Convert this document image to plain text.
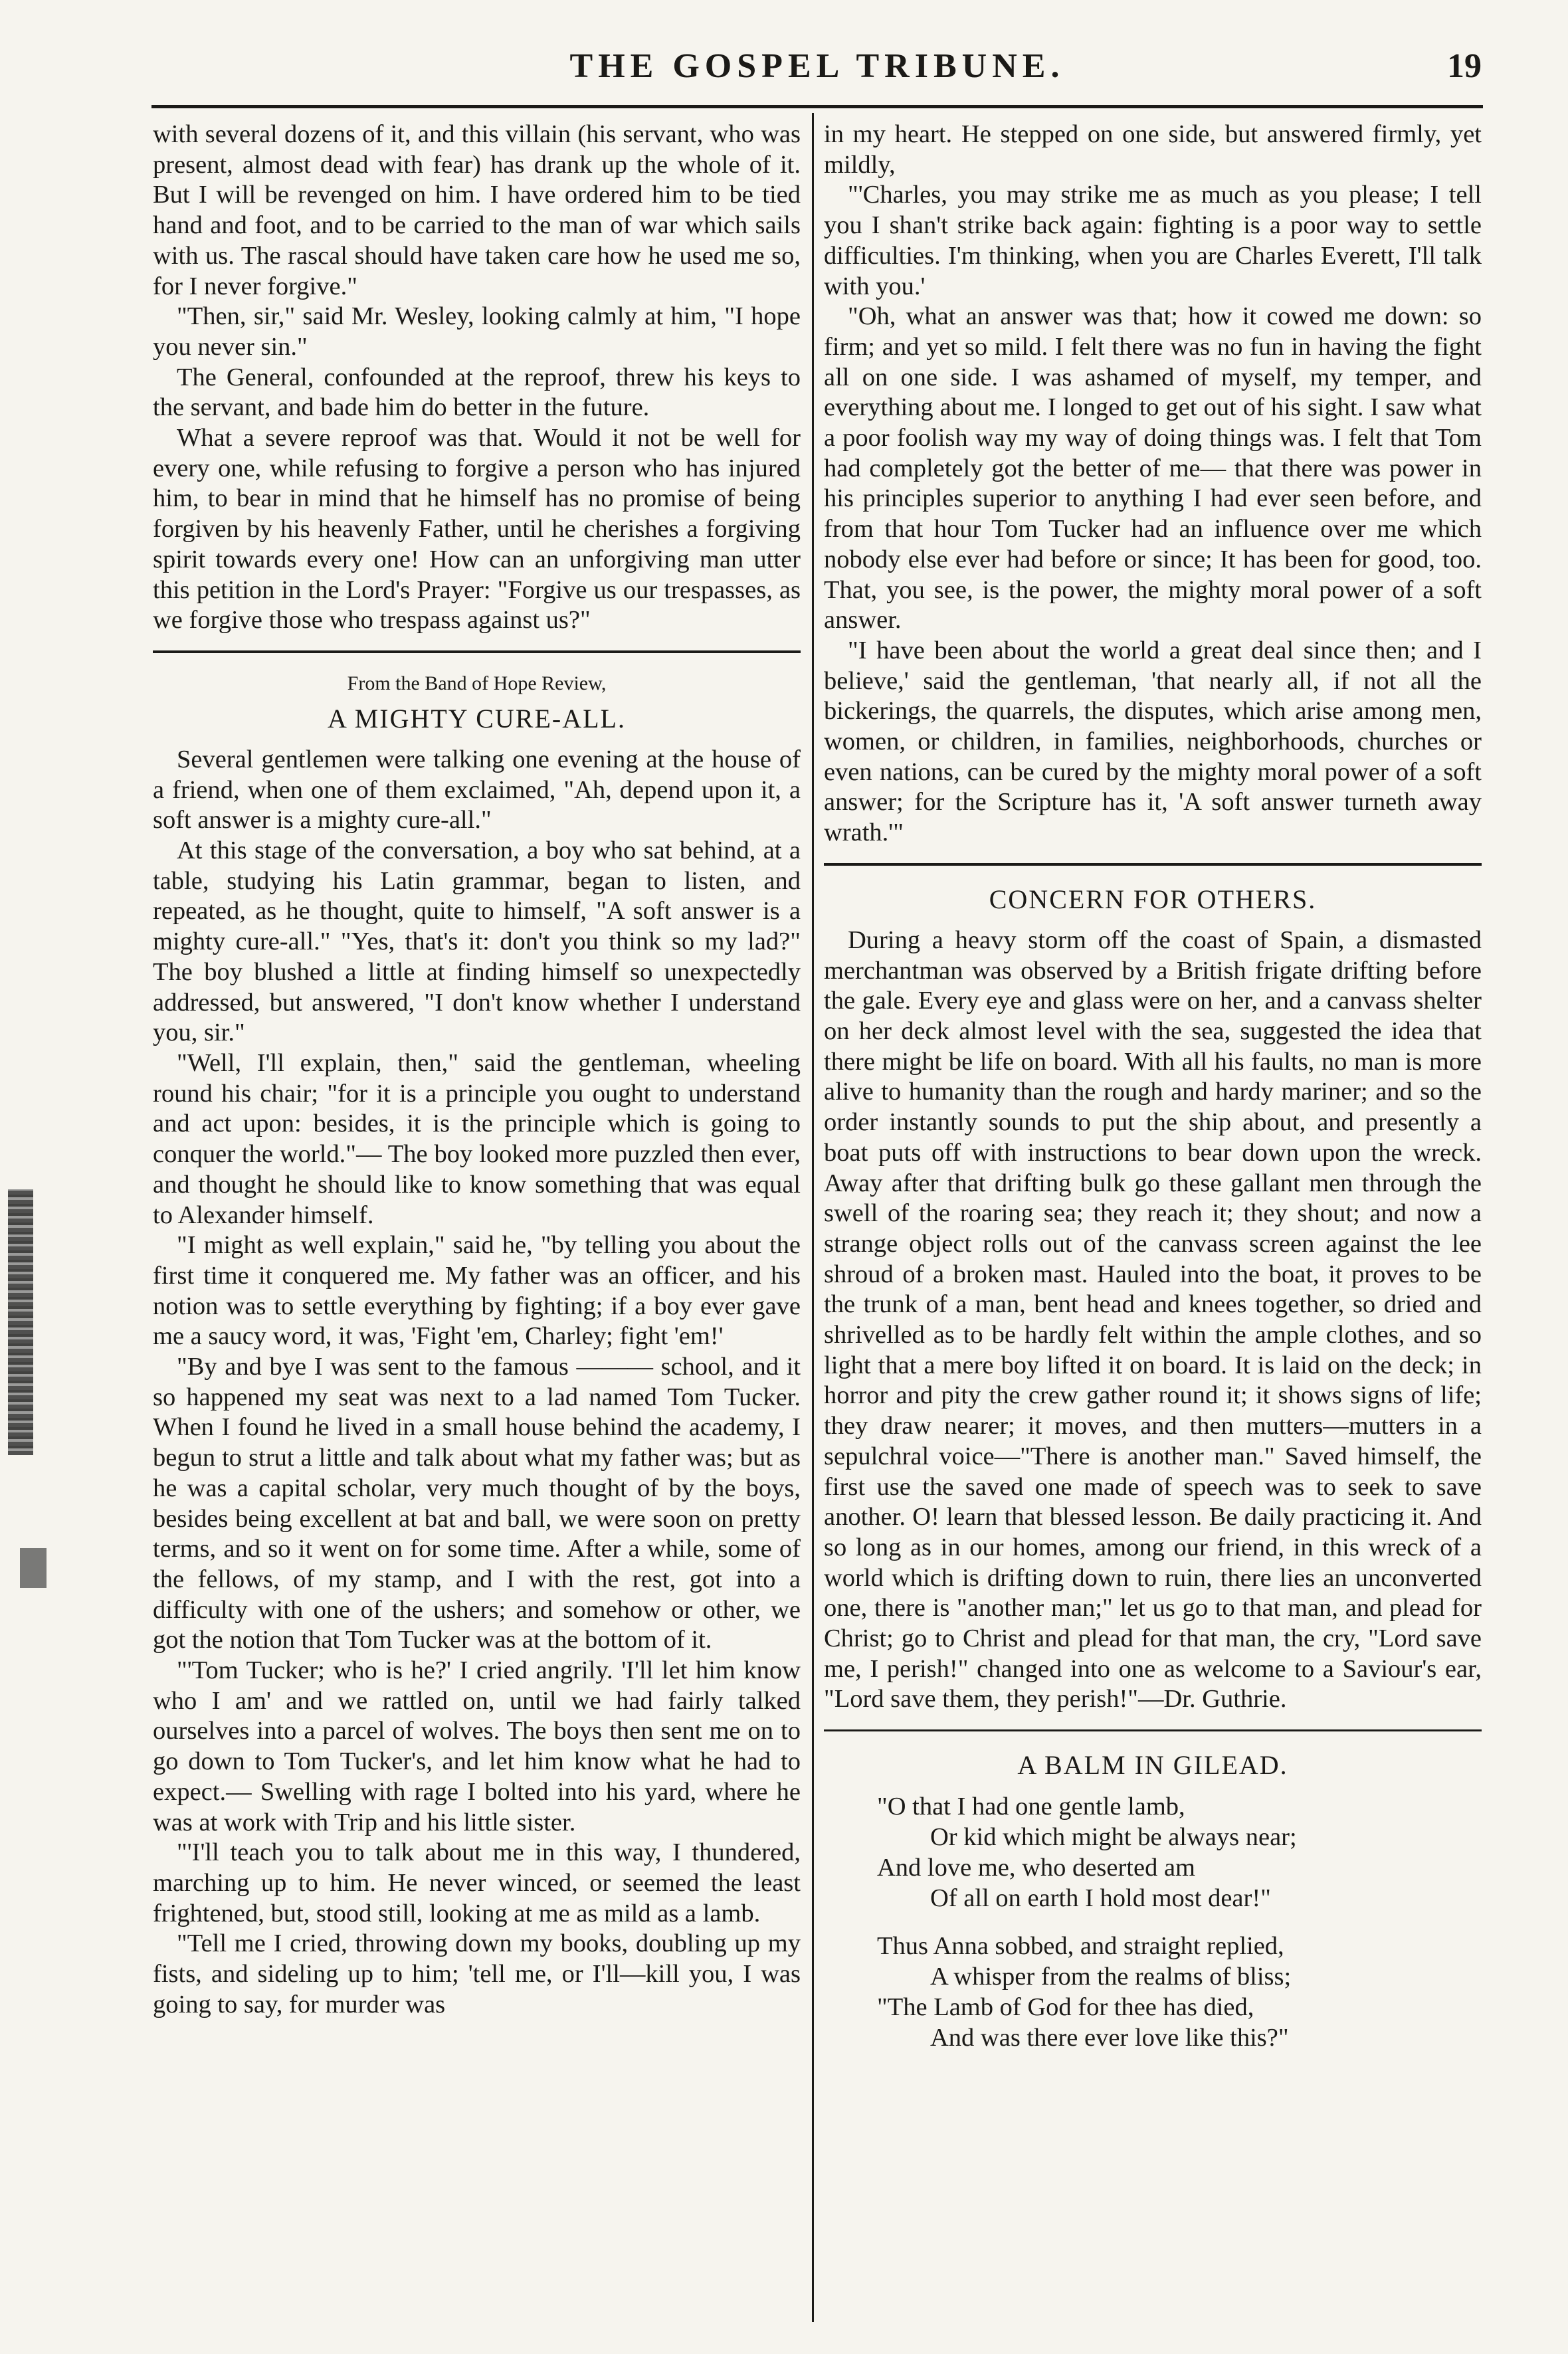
THE GOSPEL TRIBUNE.	19

with several dozens of it, and this villain (his servant, who was present, almost dead with fear) has drank up the whole of it. But I will be revenged on him. I have ordered him to be tied hand and foot, and to be carried to the man of war which sails with us. The rascal should have taken care how he used me so, for I never forgive."

"Then, sir," said Mr. Wesley, looking calmly at him, "I hope you never sin."

The General, confounded at the reproof, threw his keys to the servant, and bade him do better in the future.

What a severe reproof was that. Would it not be well for every one, while refusing to forgive a person who has injured him, to bear in mind that he himself has no promise of being forgiven by his heavenly Father, until he cherishes a forgiving spirit towards every one! How can an unforgiving man utter this petition in the Lord's Prayer: "Forgive us our trespasses, as we forgive those who trespass against us?"

From the Band of Hope Review,
A MIGHTY CURE-ALL.

Several gentlemen were talking one evening at the house of a friend, when one of them exclaimed, "Ah, depend upon it, a soft answer is a mighty cure-all."

At this stage of the conversation, a boy who sat behind, at a table, studying his Latin grammar, began to listen, and repeated, as he thought, quite to himself, "A soft answer is a mighty cure-all." "Yes, that's it: don't you think so my lad?" The boy blushed a little at finding himself so unexpectedly addressed, but answered, "I don't know whether I understand you, sir."

"Well, I'll explain, then," said the gentleman, wheeling round his chair; "for it is a principle you ought to understand and act upon: besides, it is the principle which is going to conquer the world."— The boy looked more puzzled then ever, and thought he should like to know something that was equal to Alexander himself.

"I might as well explain," said he, "by telling you about the first time it conquered me. My father was an officer, and his notion was to settle everything by fighting; if a boy ever gave me a saucy word, it was, 'Fight 'em, Charley; fight 'em!'

"By and bye I was sent to the famous ——— school, and it so happened my seat was next to a lad named Tom Tucker. When I found he lived in a small house behind the academy, I begun to strut a little and talk about what my father was; but as he was a capital scholar, very much thought of by the boys, besides being excellent at bat and ball, we were soon on pretty terms, and so it went on for some time. After a while, some of the fellows, of my stamp, and I with the rest, got into a difficulty with one of the ushers; and somehow or other, we got the notion that Tom Tucker was at the bottom of it.

"'Tom Tucker; who is he?' I cried angrily. 'I'll let him know who I am' and we rattled on, until we had fairly talked ourselves into a parcel of wolves. The boys then sent me on to go down to Tom Tucker's, and let him know what he had to expect.— Swelling with rage I bolted into his yard, where he was at work with Trip and his little sister.

"'I'll teach you to talk about me in this way, I thundered, marching up to him. He never winced, or seemed the least frightened, but, stood still, looking at me as mild as a lamb.

"Tell me I cried, throwing down my books, doubling up my fists, and sideling up to him; 'tell me, or I'll—kill you, I was going to say, for murder was

in my heart. He stepped on one side, but answered firmly, yet mildly,

"'Charles, you may strike me as much as you please; I tell you I shan't strike back again: fighting is a poor way to settle difficulties. I'm thinking, when you are Charles Everett, I'll talk with you.'

"Oh, what an answer was that; how it cowed me down: so firm; and yet so mild. I felt there was no fun in having the fight all on one side. I was ashamed of myself, my temper, and everything about me. I longed to get out of his sight. I saw what a poor foolish way my way of doing things was. I felt that Tom had completely got the better of me— that there was power in his principles superior to anything I had ever seen before, and from that hour Tom Tucker had an influence over me which nobody else ever had before or since; It has been for good, too. That, you see, is the power, the mighty moral power of a soft answer.

"I have been about the world a great deal since then; and I believe,' said the gentleman, 'that nearly all, if not all the bickerings, the quarrels, the disputes, which arise among men, women, or children, in families, neighborhoods, churches or even nations, can be cured by the mighty moral power of a soft answer; for the Scripture has it, 'A soft answer turneth away wrath.'"

CONCERN FOR OTHERS.

During a heavy storm off the coast of Spain, a dismasted merchantman was observed by a British frigate drifting before the gale. Every eye and glass were on her, and a canvass shelter on her deck almost level with the sea, suggested the idea that there might be life on board. With all his faults, no man is more alive to humanity than the rough and hardy mariner; and so the order instantly sounds to put the ship about, and presently a boat puts off with instructions to bear down upon the wreck. Away after that drifting bulk go these gallant men through the swell of the roaring sea; they reach it; they shout; and now a strange object rolls out of the canvass screen against the lee shroud of a broken mast. Hauled into the boat, it proves to be the trunk of a man, bent head and knees together, so dried and shrivelled as to be hardly felt within the ample clothes, and so light that a mere boy lifted it on board. It is laid on the deck; in horror and pity the crew gather round it; it shows signs of life; they draw nearer; it moves, and then mutters—mutters in a sepulchral voice—"There is another man." Saved himself, the first use the saved one made of speech was to seek to save another. O! learn that blessed lesson. Be daily practicing it. And so long as in our homes, among our friend, in this wreck of a world which is drifting down to ruin, there lies an unconverted one, there is "another man;" let us go to that man, and plead for Christ; go to Christ and plead for that man, the cry, "Lord save me, I perish!" changed into one as welcome to a Saviour's ear, "Lord save them, they perish!"—Dr. Guthrie.

A BALM IN GILEAD.
"O that I had one gentle lamb,
Or kid which might be always near;
And love me, who deserted am
Of all on earth I hold most dear!"
Thus Anna sobbed, and straight replied,
A whisper from the realms of bliss;
"The Lamb of God for thee has died,
And was there ever love like this?"
